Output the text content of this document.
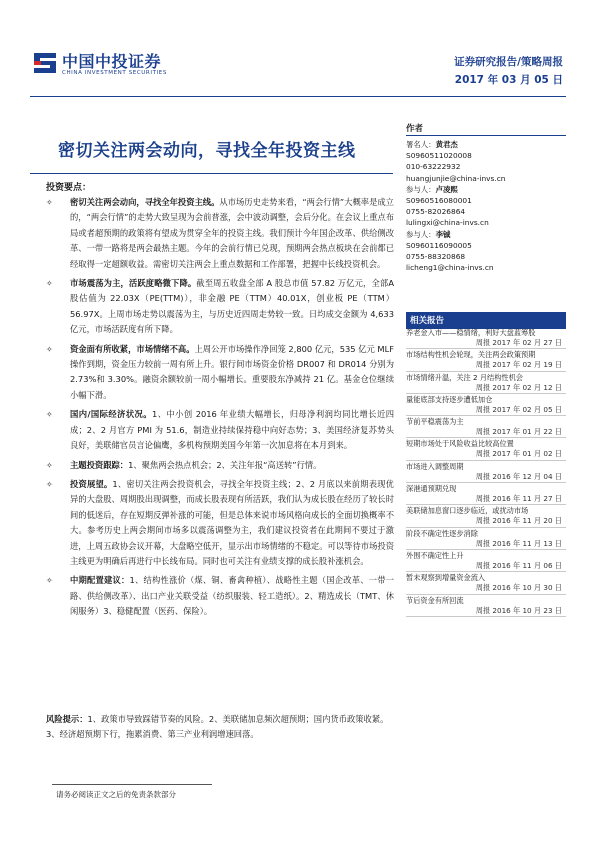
中国中投证券
CHINA INVESTMENT SECURITIES
证券研究报告/策略周报
2017 年 03 月 05 日
密切关注两会动向，寻找全年投资主线
投资要点：
✧	密切关注两会动向，寻找全年投资主线。从市场历史走势来看，“两会行情”大概率是成立的，“两会行情”的走势大致呈现为会前普涨，会中波动调整，会后分化。在会议上重点布局或者超预期的政策将有望成为贯穿全年的投资主线。我们预计今年国企改革、供给侧改革、一带一路将是两会最热主题。今年的会前行情已兑现，预期两会热点板块在会前都已经取得一定超额收益。需密切关注两会上重点数据和工作部署，把握中长线投资机会。
✧	市场震荡为主，活跃度略微下降。截至周五收盘全部 A 股总市值 57.82 万亿元，全部A 股估值为 22.03X（PE(TTM)），非金融 PE（TTM）40.01X，创业板 PE（TTM）56.97X。上周市场走势以震荡为主，与历史近四周走势较一致。日均成交金额为 4,633 亿元，市场活跃度有所下降。
✧	资金面有所收紧，市场情绪不高。上周公开市场操作净回笼 2,800 亿元，535 亿元 MLF 操作到期，资金压力较前一周有所上升。银行间市场资金价格 DR007 和 DR014 分别为 2.73%和 3.30%。融资余额较前一周小幅增长。重要股东净减持 21 亿。基金仓位继续小幅下滑。
✧	国内/国际经济状况。1、中小创 2016 年业绩大幅增长，归母净利润均同比增长近四成；2、2 月官方 PMI 为 51.6，制造业持续保持稳中向好态势；3、美国经济复苏势头良好，美联储官员言论偏鹰，多机构预期美国今年第一次加息将在本月到来。
✧	主题投资跟踪：1、聚焦两会热点机会；2、关注年报“高送转”行情。
✧	投资展望。1、密切关注两会投资机会，寻找全年投资主线；2、2 月底以来前期表现优异的大盘股、周期股出现调整，而成长股表现有所活跃，我们认为成长股在经历了较长时间的低迷后，存在短期反弹补涨的可能，但是总体来说市场风格向成长的全面切换概率不大。参考历史上两会期间市场多以震荡调整为主，我们建议投资者在此期间不要过于激进，上周五政协会议开幕，大盘略空低开，显示出市场情绪的不稳定。可以等待市场投资主线更为明确后再进行中长线布局。同时也可关注有业绩支撑的成长股补涨机会。
✧	中期配置建议：1、结构性涨价（煤、铜、畜禽种植）、战略性主题（国企改革、一带一路、供给侧改革）、出口产业关联受益（纺织服装、轻工造纸）。2、精选成长（TMT、休闲服务）3、稳健配置（医药、保险）。
风险提示：1、政策市导致踩错节奏的风险。2、美联储加息频次超预期；国内货币政策收紧。3、经济超预期下行，拖累消费、第三产业利润增速回落。
请务必阅读正文之后的免责条款部分
作者
署名人：黄君杰
S0960511020008
010-63222932
huangjunjie@china-invs.cn
参与人：卢凌熙
S0960516080001
0755-82026864
lulingxi@china-invs.cn
参与人：李铖
S0960116090005
0755-88320868
licheng1@china-invs.cn
相关报告
养老金入市——稳情绪，利好大盘蓝筹股
周报 2017 年 02 月 27 日
市场结构性机会轮现，关注两会政策预期
周报 2017 年 02 月 19 日
市场情绪升温，关注 2 月结构性机会
周报 2017 年 02 月 12 日
量能底部支持逐步遭低加仓
周报 2017 年 02 月 05 日
节前平稳震荡为主
周报 2017 年 01 月 22 日
短期市场处于风险收益比较高位置
周报 2017 年 01 月 02 日
市场进入调整周期
周报 2016 年 12 月 04 日
深港通预期兑现
周报 2016 年 11 月 27 日
美联储加息窗口逐步临近，或扰动市场
周报 2016 年 11 月 20 日
阶段不确定性逐步消除
周报 2016 年 11 月 13 日
外围不确定性上升
周报 2016 年 11 月 06 日
暂未观察到增量资金流入
周报 2016 年 10 月 30 日
节后资金有所回流
周报 2016 年 10 月 23 日
